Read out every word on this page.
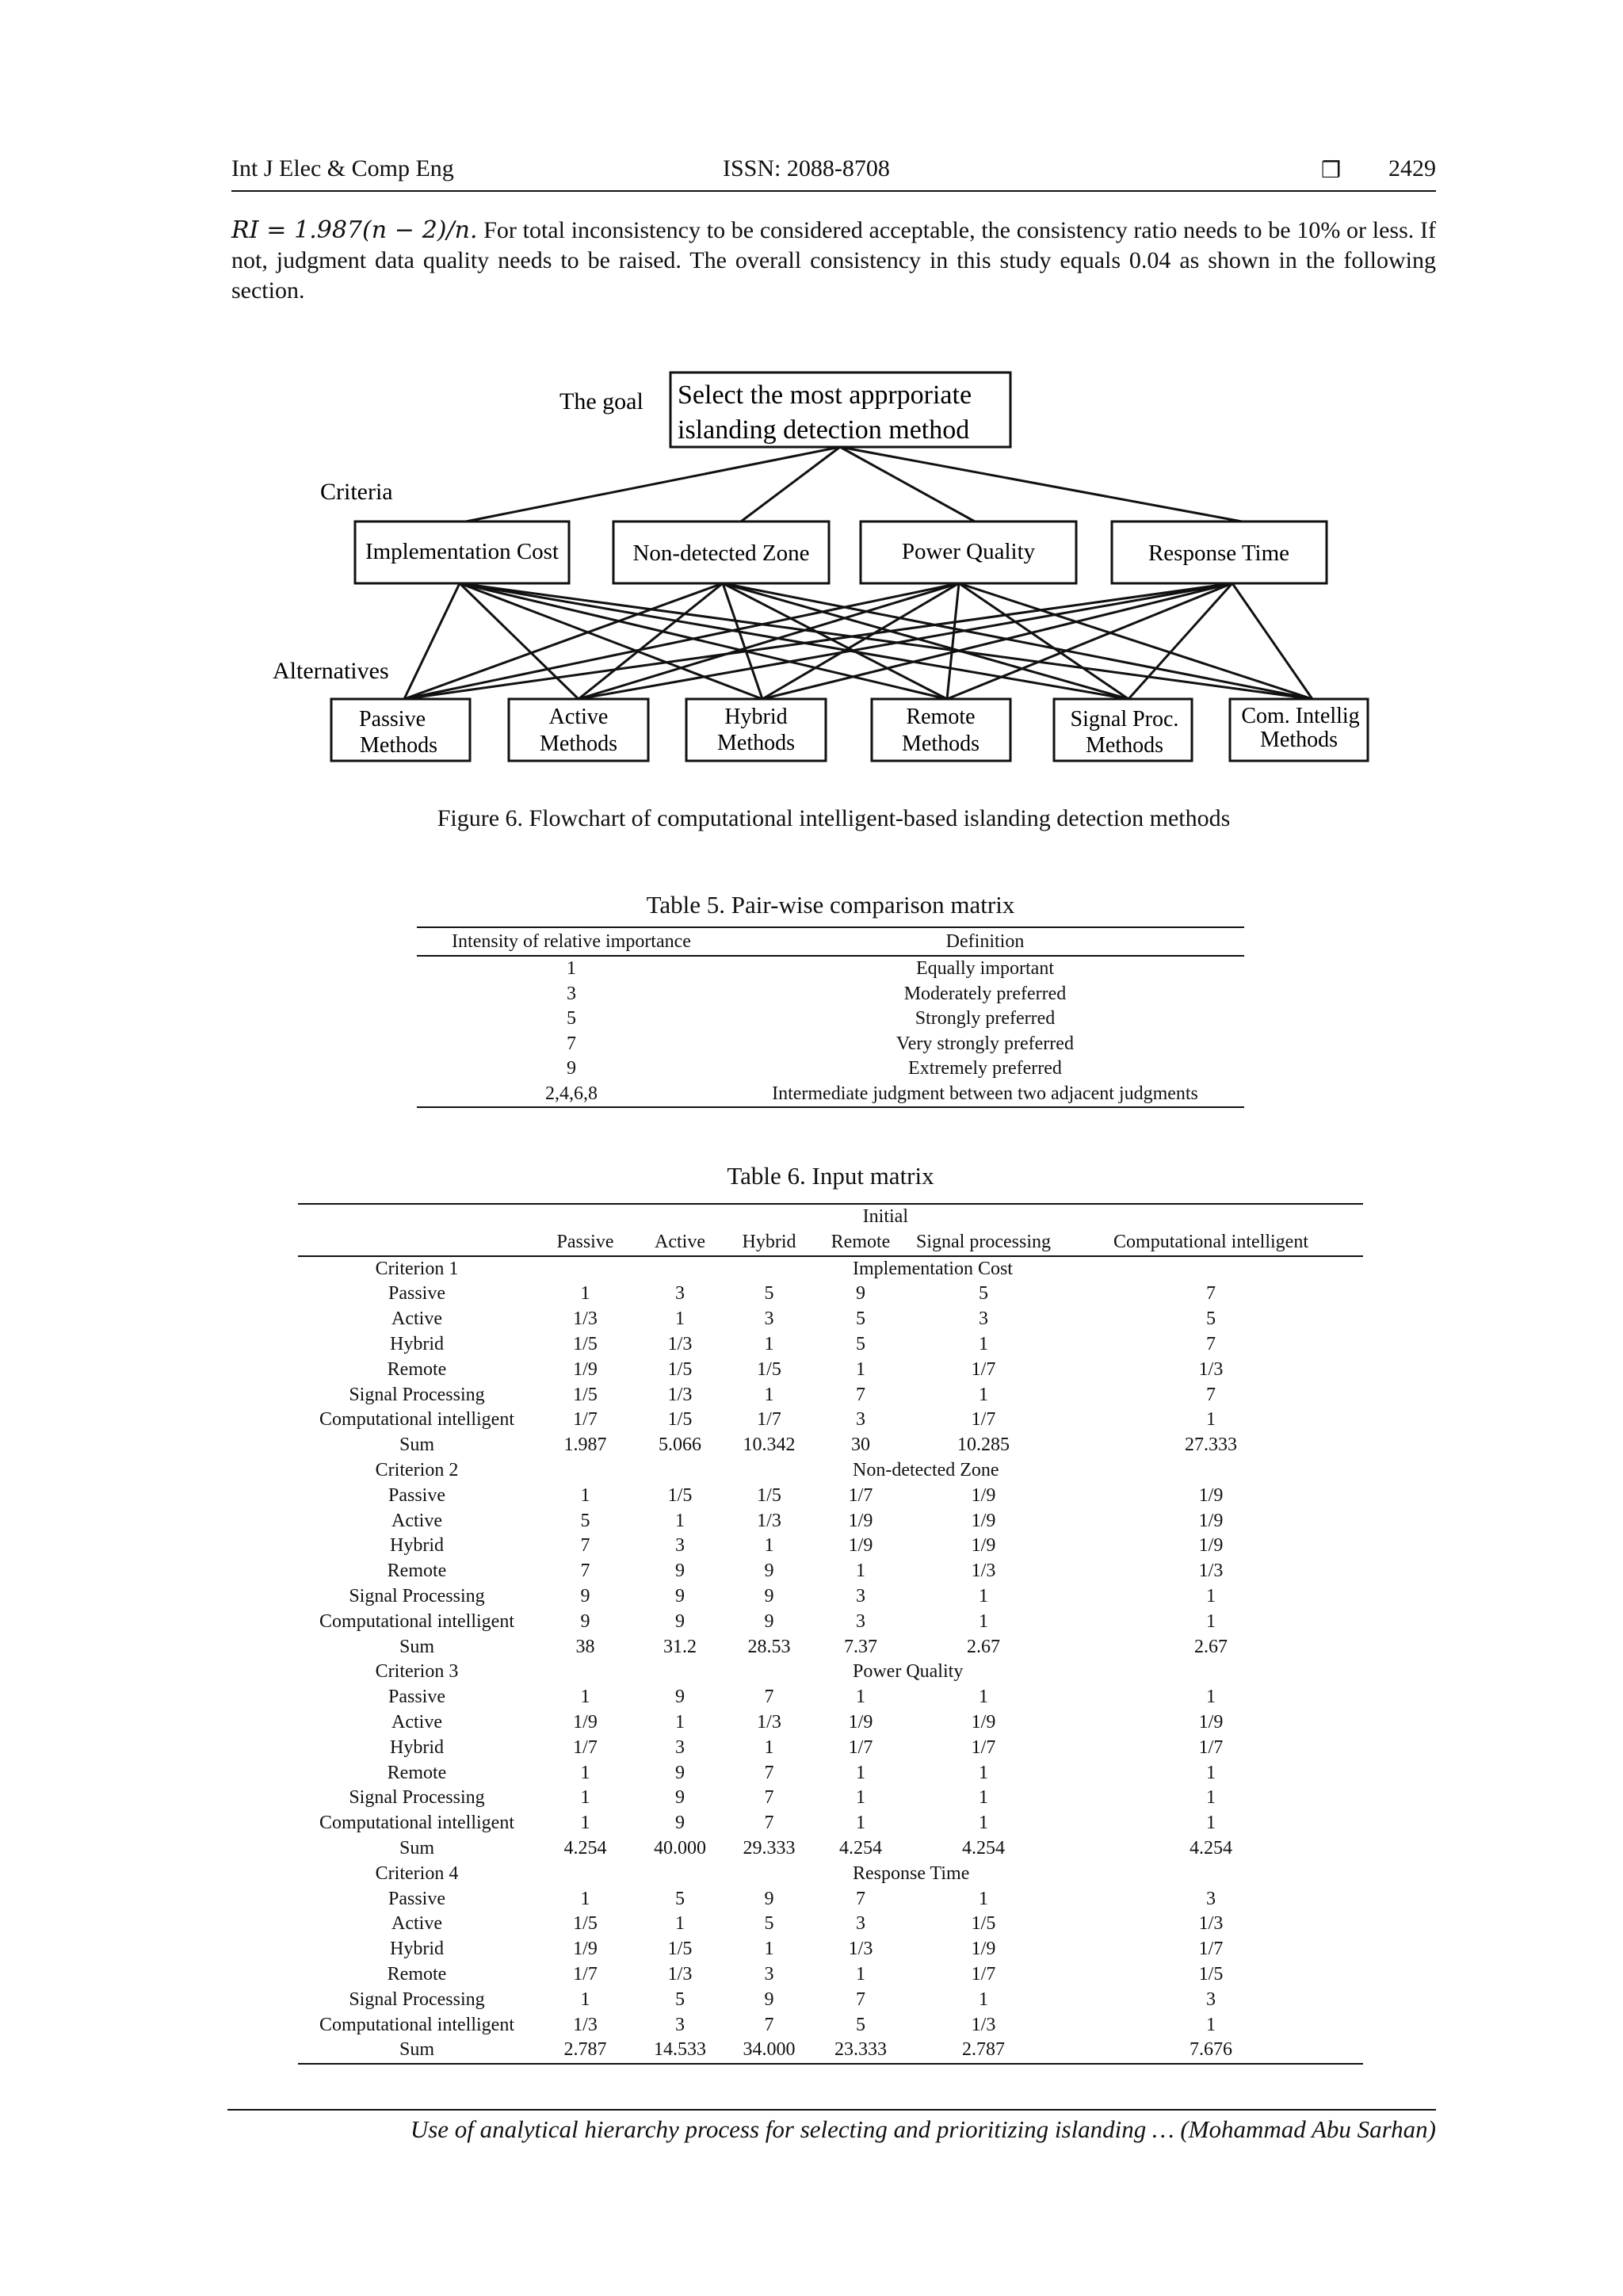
Int J Elec & Comp Eng	ISSN: 2088-8708	❒ 2429
RI = 1.987(n − 2)/n. For total inconsistency to be considered acceptable, the consistency ratio needs to be 10% or less. If not, judgment data quality needs to be raised. The overall consistency in this study equals 0.04 as shown in the following section.
The goal Select the most apprporiate
islanding detection method
Criteria
Implementation Cost	Non-detected Zone	Power Quality	Response Time
Alternatives
Passive
Methods
Active
Methods
Hybrid
Methods
Remote
Methods
Signal Proc.
Methods
Com. Intellig
Methods
Figure 6. Flowchart of computational intelligent-based islanding detection methods
Table 5. Pair-wise comparison matrix
Intensity of relative importance	Definition
1	Equally important
3	Moderately preferred
5	Strongly preferred
7	Very strongly preferred
9	Extremely preferred
2,4,6,8	Intermediate judgment between two adjacent judgments
Table 6. Input matrix
	Initial					
	Passive	Active	Hybrid	Remote	Signal processing	Computational intelligent
Criterion 1	Implementation Cost					
Passive	1	3	5	9	5	7
Active	1/3	1	3	5	3	5
Hybrid	1/5	1/3	1	5	1	7
Remote	1/9	1/5	1/5	1	1/7	1/3
Signal Processing	1/5	1/3	1	7	1	7
Computational intelligent	1/7	1/5	1/7	3	1/7	1
Sum	1.987	5.066	10.342	30	10.285	27.333
Criterion 2	Non-detected Zone					
Passive	1	1/5	1/5	1/7	1/9	1/9
Active	5	1	1/3	1/9	1/9	1/9
Hybrid	7	3	1	1/9	1/9	1/9
Remote	7	9	9	1	1/3	1/3
Signal Processing	9	9	9	3	1	1
Computational intelligent	9	9	9	3	1	1
Sum	38	31.2	28.53	7.37	2.67	2.67
Criterion 3	Power Quality					
Passive	1	9	7	1	1	1
Active	1/9	1	1/3	1/9	1/9	1/9
Hybrid	1/7	3	1	1/7	1/7	1/7
Remote	1	9	7	1	1	1
Signal Processing	1	9	7	1	1	1
Computational intelligent	1	9	7	1	1	1
Sum	4.254	40.000	29.333	4.254	4.254	4.254
Criterion 4	Response Time					
Passive	1	5	9	7	1	3
Active	1/5	1	5	3	1/5	1/3
Hybrid	1/9	1/5	1	1/3	1/9	1/7
Remote	1/7	1/3	3	1	1/7	1/5
Signal Processing	1	5	9	7	1	3
Computational intelligent	1/3	3	7	5	1/3	1
Sum	2.787	14.533	34.000	23.333	2.787	7.676
Use of analytical hierarchy process for selecting and prioritizing islanding … (Mohammad Abu Sarhan)
